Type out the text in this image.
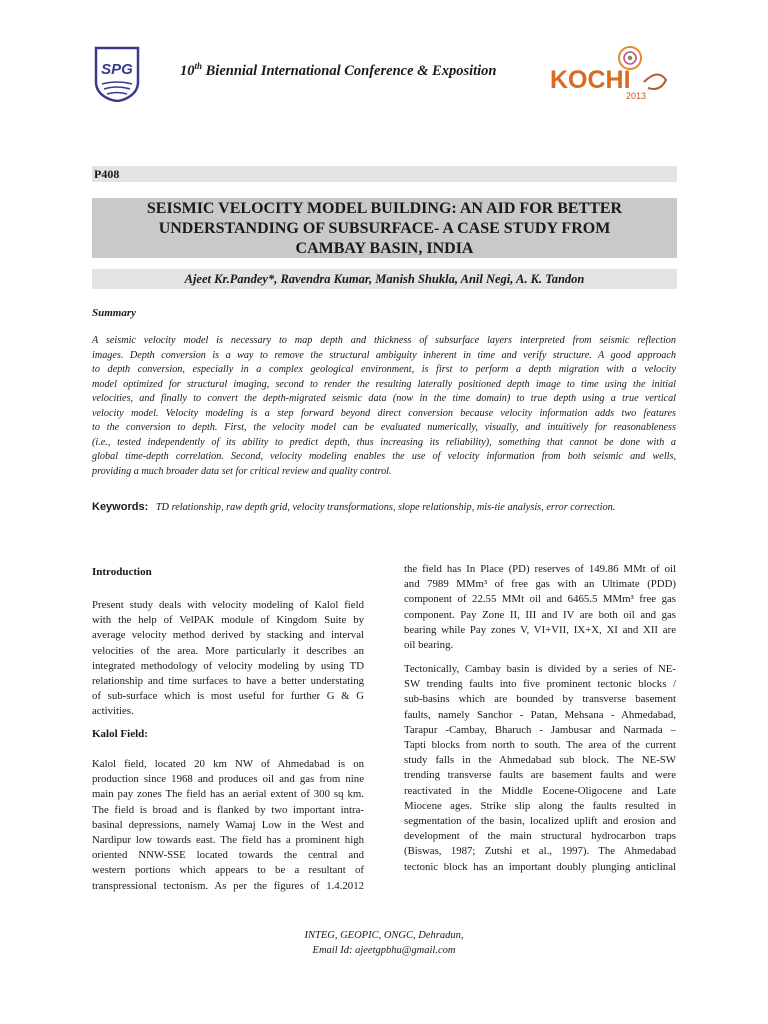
SPG	10th Biennial International Conference & Exposition KOCHI
2013
P408
SEISMIC VELOCITY MODEL BUILDING: AN AID FOR BETTER
UNDERSTANDING OF SUBSURFACE- A CASE STUDY FROM
CAMBAY BASIN, INDIA
Ajeet Kr.Pandey*, Ravendra Kumar, Manish Shukla, Anil Negi, A. K. Tandon
Summary
A seismic velocity model is necessary to map depth and thickness of subsurface layers interpreted from seismic reflection
images. Depth conversion is a way to remove the structural ambiguity inherent in time and verify structure. A good approach
to depth conversion, especially in a complex geological environment, is first to perform a depth migration with a velocity
model optimized for structural imaging, second to render the resulting laterally positioned depth image to time using the initial
velocities, and finally to convert the depth-migrated seismic data (now in the time domain) to true depth using a true vertical
velocity model. Velocity modeling is a step forward beyond direct conversion because velocity information adds two features
to the conversion to depth. First, the velocity model can be evaluated numerically, visually, and intuitively for reasonableness
(i.e., tested independently of its ability to predict depth, thus increasing its reliability), something that cannot be done with a
global time-depth correlation. Second, velocity modeling enables the use of velocity information from both seismic and wells,
providing a much broader data set for critical review and quality control.
Keywords: TD relationship, raw depth grid, velocity transformations, slope relationship, mis-tie analysis, error correction.
Introduction
Present study deals with velocity modeling of Kalol field
with the help of VelPAK module of Kingdom Suite by
average velocity method derived by stacking and interval
velocities of the area. More particularly it describes an
integrated methodology of velocity modeling by using TD
relationship and time surfaces to have a better understating
of sub-surface which is most useful for further G & G
activities.
Kalol Field:
Kalol field, located 20 km NW of Ahmedabad is on
production since 1968 and produces oil and gas from nine
main pay zones The field has an aerial extent of 300 sq km.
The field is broad and is flanked by two important intra-
basinal depressions, namely Wamaj Low in the West and
Nardipur low towards east. The field has a prominent high
oriented NNW-SSE located towards the central and
western portions which appears to be a resultant of
transpressional tectonism. As per the figures of 1.4.2012
the field has In Place (PD) reserves of 149.86 MMt of oil
and 7989 MMm³ of free gas with an Ultimate (PDD)
component of 22.55 MMt oil and 6465.5 MMm³ free gas
component. Pay Zone II, III and IV are both oil and gas
bearing while Pay zones V, VI+VII, IX+X, XI and XII are
oil bearing.
Tectonically, Cambay basin is divided by a series of NE-
SW trending faults into five prominent tectonic blocks /
sub-basins which are bounded by transverse basement
faults, namely Sanchor - Patan, Mehsana - Ahmedabad,
Tarapur -Cambay, Bharuch - Jambusar and Narmada –
Tapti blocks from north to south. The area of the current
study falls in the Ahmedabad sub block. The NE-SW
trending transverse faults are basement faults and were
reactivated in the Middle Eocene-Oligocene and Late
Miocene ages. Strike slip along the faults resulted in
segmentation of the basin, localized uplift and erosion and
development of the main structural hydrocarbon traps
(Biswas, 1987; Zutshi et al., 1997). The Ahmedabad
tectonic block has an important doubly plunging anticlinal
INTEG, GEOPIC, ONGC, Dehradun,
Email Id: ajeetgpbhu@gmail.com
